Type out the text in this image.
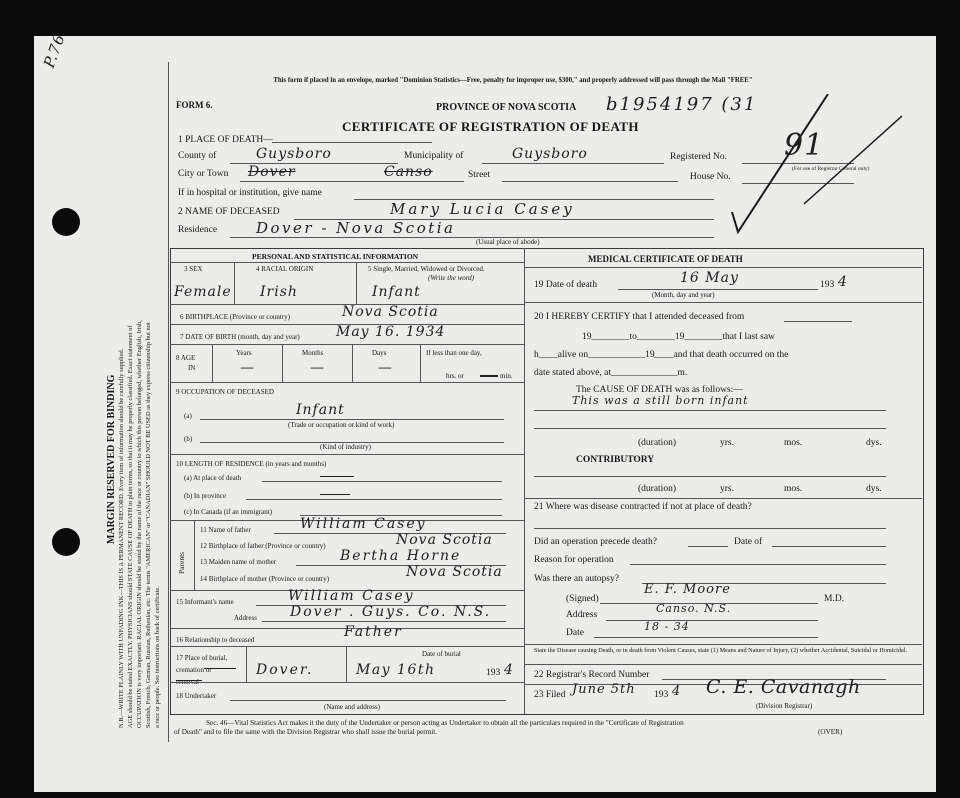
P.76
MARGIN RESERVED FOR BINDING N.B.—WRITE PLAINLY WITH UNFADING INK—THIS IS A PERMANENT RECORD. Every item of information should be carefully supplied. AGE should be stated EXACTLY. PHYSICIANS should STATE CAUSE OF DEATH in plain terms, so that it may be properly classified. Exact statement of OCCUPATION is very important. RACIAL ORIGIN should be stated by the name of the race or country to which this person belonged, whether English, Irish, Scottish, French, German, Russian, Ruthenian, etc. The terms "AMERICAN" or "CANADIAN" SHOULD NOT BE USED as they express citizenship but not a race or people. See instructions on back of certificate.
This form if placed in an envelope, marked "Dominion Statistics—Free, penalty for improper use, $300," and properly addressed will pass through the Mail "FREE"
FORM 6.	PROVINCE OF NOVA SCOTIA b1954197 (31
CERTIFICATE OF REGISTRATION OF DEATH
1 PLACE OF DEATH—
County of	Guysboro	Municipality of	Guysboro	Registered No. 91
(For use of Registrar General only)
City or Town Dover	Canso	Street	House No.
If in hospital or institution, give name
2 NAME OF DECEASED	Mary Lucia Casey
Residence	Dover - Nova Scotia
(Usual place of abode)
PERSONAL AND STATISTICAL INFORMATION
3 SEX	4 RACIAL ORIGIN	5 Single, Married, Widowed or Divorced.
(Write the word)
Female Irish	Infant
6 BIRTHPLACE (Province or country)	Nova Scotia
7 DATE OF BIRTH (month, day and year)	May 16. 1934
8 AGE
IN
Years	Months	Days
—	—	—
If less than one day,
hrs. or	min.
9 OCCUPATION OF DECEASED
(a)	Infant
(Trade or occupation or kind of work)
(b)
(Kind of industry)
10 LENGTH OF RESIDENCE (in years and months)
(a) At place of death
(b) In province
(c) In Canada (if an immigrant)
Parents
11 Name of father	William Casey
12 Birthplace of father (Province or country)	Nova Scotia
13 Maiden name of mother	Bertha Horne
14 Birthplace of mother (Province or country)	Nova Scotia
15 Informant's name	William Casey
Address Dover . Guys. Co. N.S.
16 Relationship to deceased	Father
17 Place of burial, cremation or removal
Dover.
Date of burial
May 16th	193 4
18 Undertaker
(Name and address)
MEDICAL CERTIFICATE OF DEATH
19 Date of death	16 May
(Month, day and year)
193 4
20 I HEREBY CERTIFY that I attended deceased from
19________to________19________that I last saw
h____alive on____________19____and that death occurred on the
date stated above, at______________m.
The CAUSE OF DEATH was as follows:—
This was a still born infant
(duration)	yrs.	mos.	dys.
CONTRIBUTORY
(duration)	yrs.	mos.	dys.
21 Where was disease contracted if not at place of death?
Did an operation precede death?	Date of
Reason for operation
Was there an autopsy?
(Signed)
E. F. Moore
M.D.
Address	Canso. N.S.
Date	18 - 34
State the Disease causing Death, or in death from Violent Causes, state (1) Means and Nature of Injury, (2) whether Accidental, Suicidal or Homicidal.
22 Registrar's Record Number
23 Filed June 5th 193 4 C. E. Cavanagh
(Division Registrar)
Sec. 46—Vital Statistics Act makes it the duty of the Undertaker or person acting as Undertaker to obtain all the particulars required in the "Certificate of Registration
of Death" and to file the same with the Division Registrar who shall issue the burial permit.	(OVER)
